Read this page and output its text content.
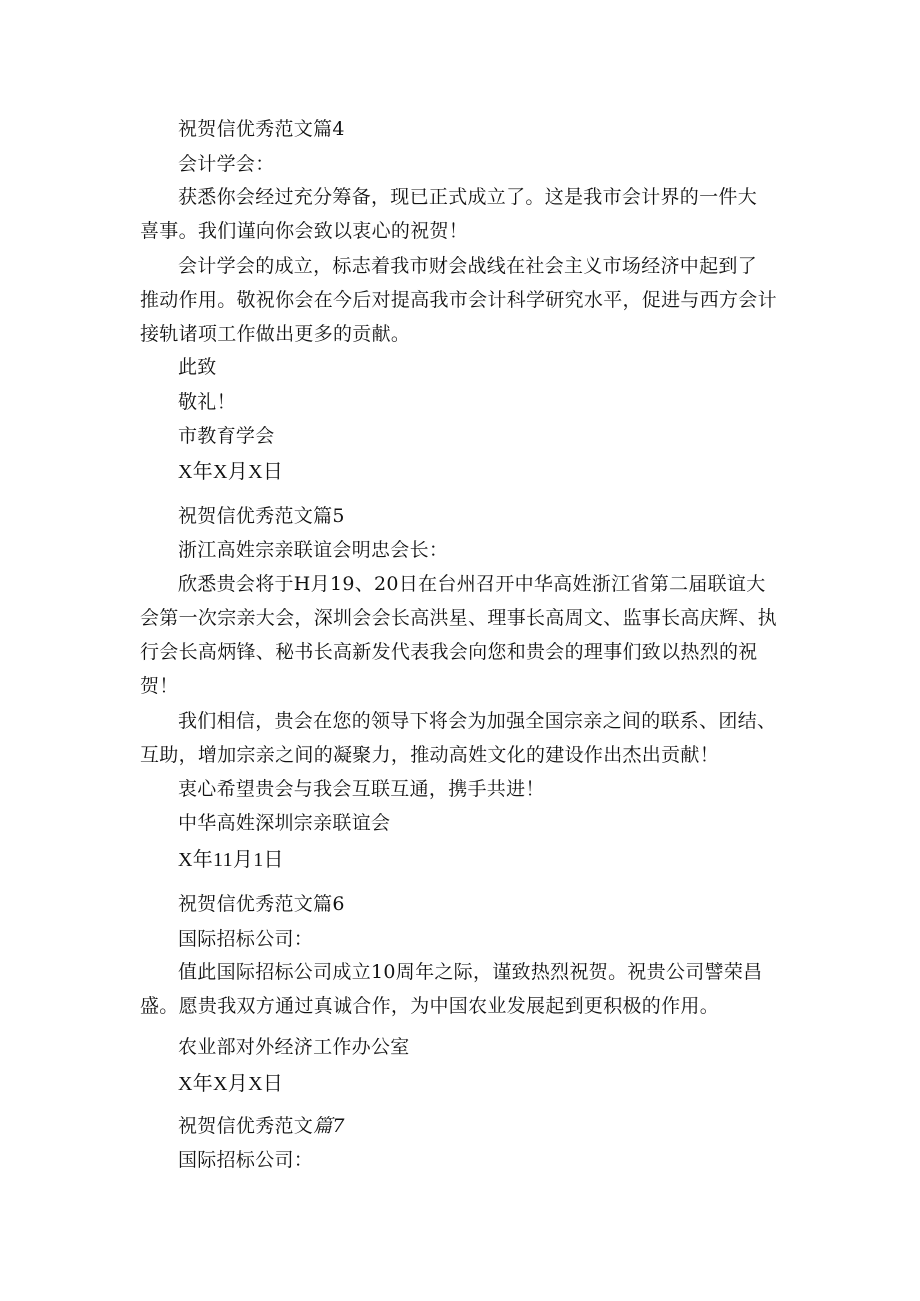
祝贺信优秀范文篇4
会计学会：
获悉你会经过充分筹备，现已正式成立了。这是我市会计界的一件大
喜事。我们谨向你会致以衷心的祝贺！
会计学会的成立，标志着我市财会战线在社会主义市场经济中起到了
推动作用。敬祝你会在今后对提高我市会计科学研究水平，促进与西方会计
接轨诸项工作做出更多的贡献。
此致
敬礼！
市教育学会
X年X月X日
祝贺信优秀范文篇5
浙江高姓宗亲联谊会明忠会长：
欣悉贵会将于H月19、20日在台州召开中华高姓浙江省第二届联谊大
会第一次宗亲大会，深圳会会长高洪星、理事长高周文、监事长高庆辉、执
行会长高炳锋、秘书长高新发代表我会向您和贵会的理事们致以热烈的祝
贺！
我们相信，贵会在您的领导下将会为加强全国宗亲之间的联系、团结、
互助，增加宗亲之间的凝聚力，推动高姓文化的建设作出杰出贡献！
衷心希望贵会与我会互联互通，携手共进！
中华高姓深圳宗亲联谊会
X年11月1日
祝贺信优秀范文篇6
国际招标公司：
值此国际招标公司成立10周年之际，谨致热烈祝贺。祝贵公司譬荣昌
盛。愿贵我双方通过真诚合作，为中国农业发展起到更积极的作用。
农业部对外经济工作办公室
X年X月X日
祝贺信优秀范文篇7
国际招标公司：
